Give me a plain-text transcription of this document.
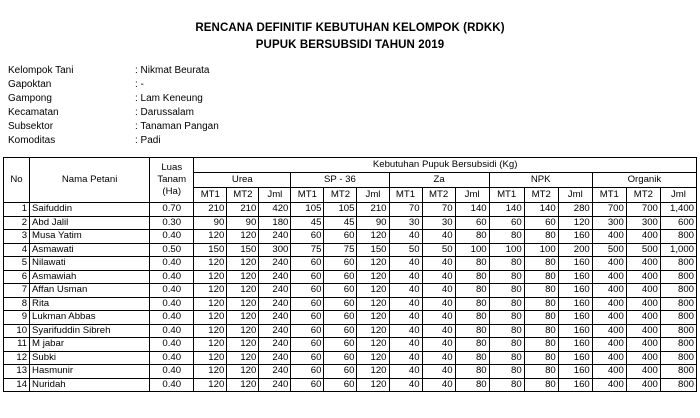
RENCANA DEFINITIF KEBUTUHAN KELOMPOK (RDKK)
PUPUK BERSUBSIDI TAHUN 2019
Kelompok Tani	: Nikmat Beurata
Gapoktan	: -
Gampong	: Lam Keneung
Kecamatan	: Darussalam
Subsektor	: Tanaman Pangan
Komoditas	: Padi
No	Nama Petani	Luas
Tanam
(Ha)	Kebutuhan Pupuk Bersubsidi (Kg)														
			Urea			SP - 36			Za			NPK			Organik		
			MT1	MT2	Jml	MT1	MT2	Jml	MT1	MT2	Jml	MT1	MT2	Jml	MT1	MT2	Jml
1	Saifuddin	0.70	210	210	420	105	105	210	70	70	140	140	140	280	700	700	1,400
2	Abd Jalil	0.30	90	90	180	45	45	90	30	30	60	60	60	120	300	300	600
3	Musa Yatim	0.40	120	120	240	60	60	120	40	40	80	80	80	160	400	400	800
4	Asmawati	0.50	150	150	300	75	75	150	50	50	100	100	100	200	500	500	1,000
5	Nilawati	0.40	120	120	240	60	60	120	40	40	80	80	80	160	400	400	800
6	Asmawiah	0.40	120	120	240	60	60	120	40	40	80	80	80	160	400	400	800
7	Affan Usman	0.40	120	120	240	60	60	120	40	40	80	80	80	160	400	400	800
8	Rita	0.40	120	120	240	60	60	120	40	40	80	80	80	160	400	400	800
9	Lukman Abbas	0.40	120	120	240	60	60	120	40	40	80	80	80	160	400	400	800
10	Syarifuddin Sibreh	0.40	120	120	240	60	60	120	40	40	80	80	80	160	400	400	800
11	M jabar	0.40	120	120	240	60	60	120	40	40	80	80	80	160	400	400	800
12	Subki	0.40	120	120	240	60	60	120	40	40	80	80	80	160	400	400	800
13	Hasmunir	0.40	120	120	240	60	60	120	40	40	80	80	80	160	400	400	800
14	Nuridah	0.40	120	120	240	60	60	120	40	40	80	80	80	160	400	400	800
